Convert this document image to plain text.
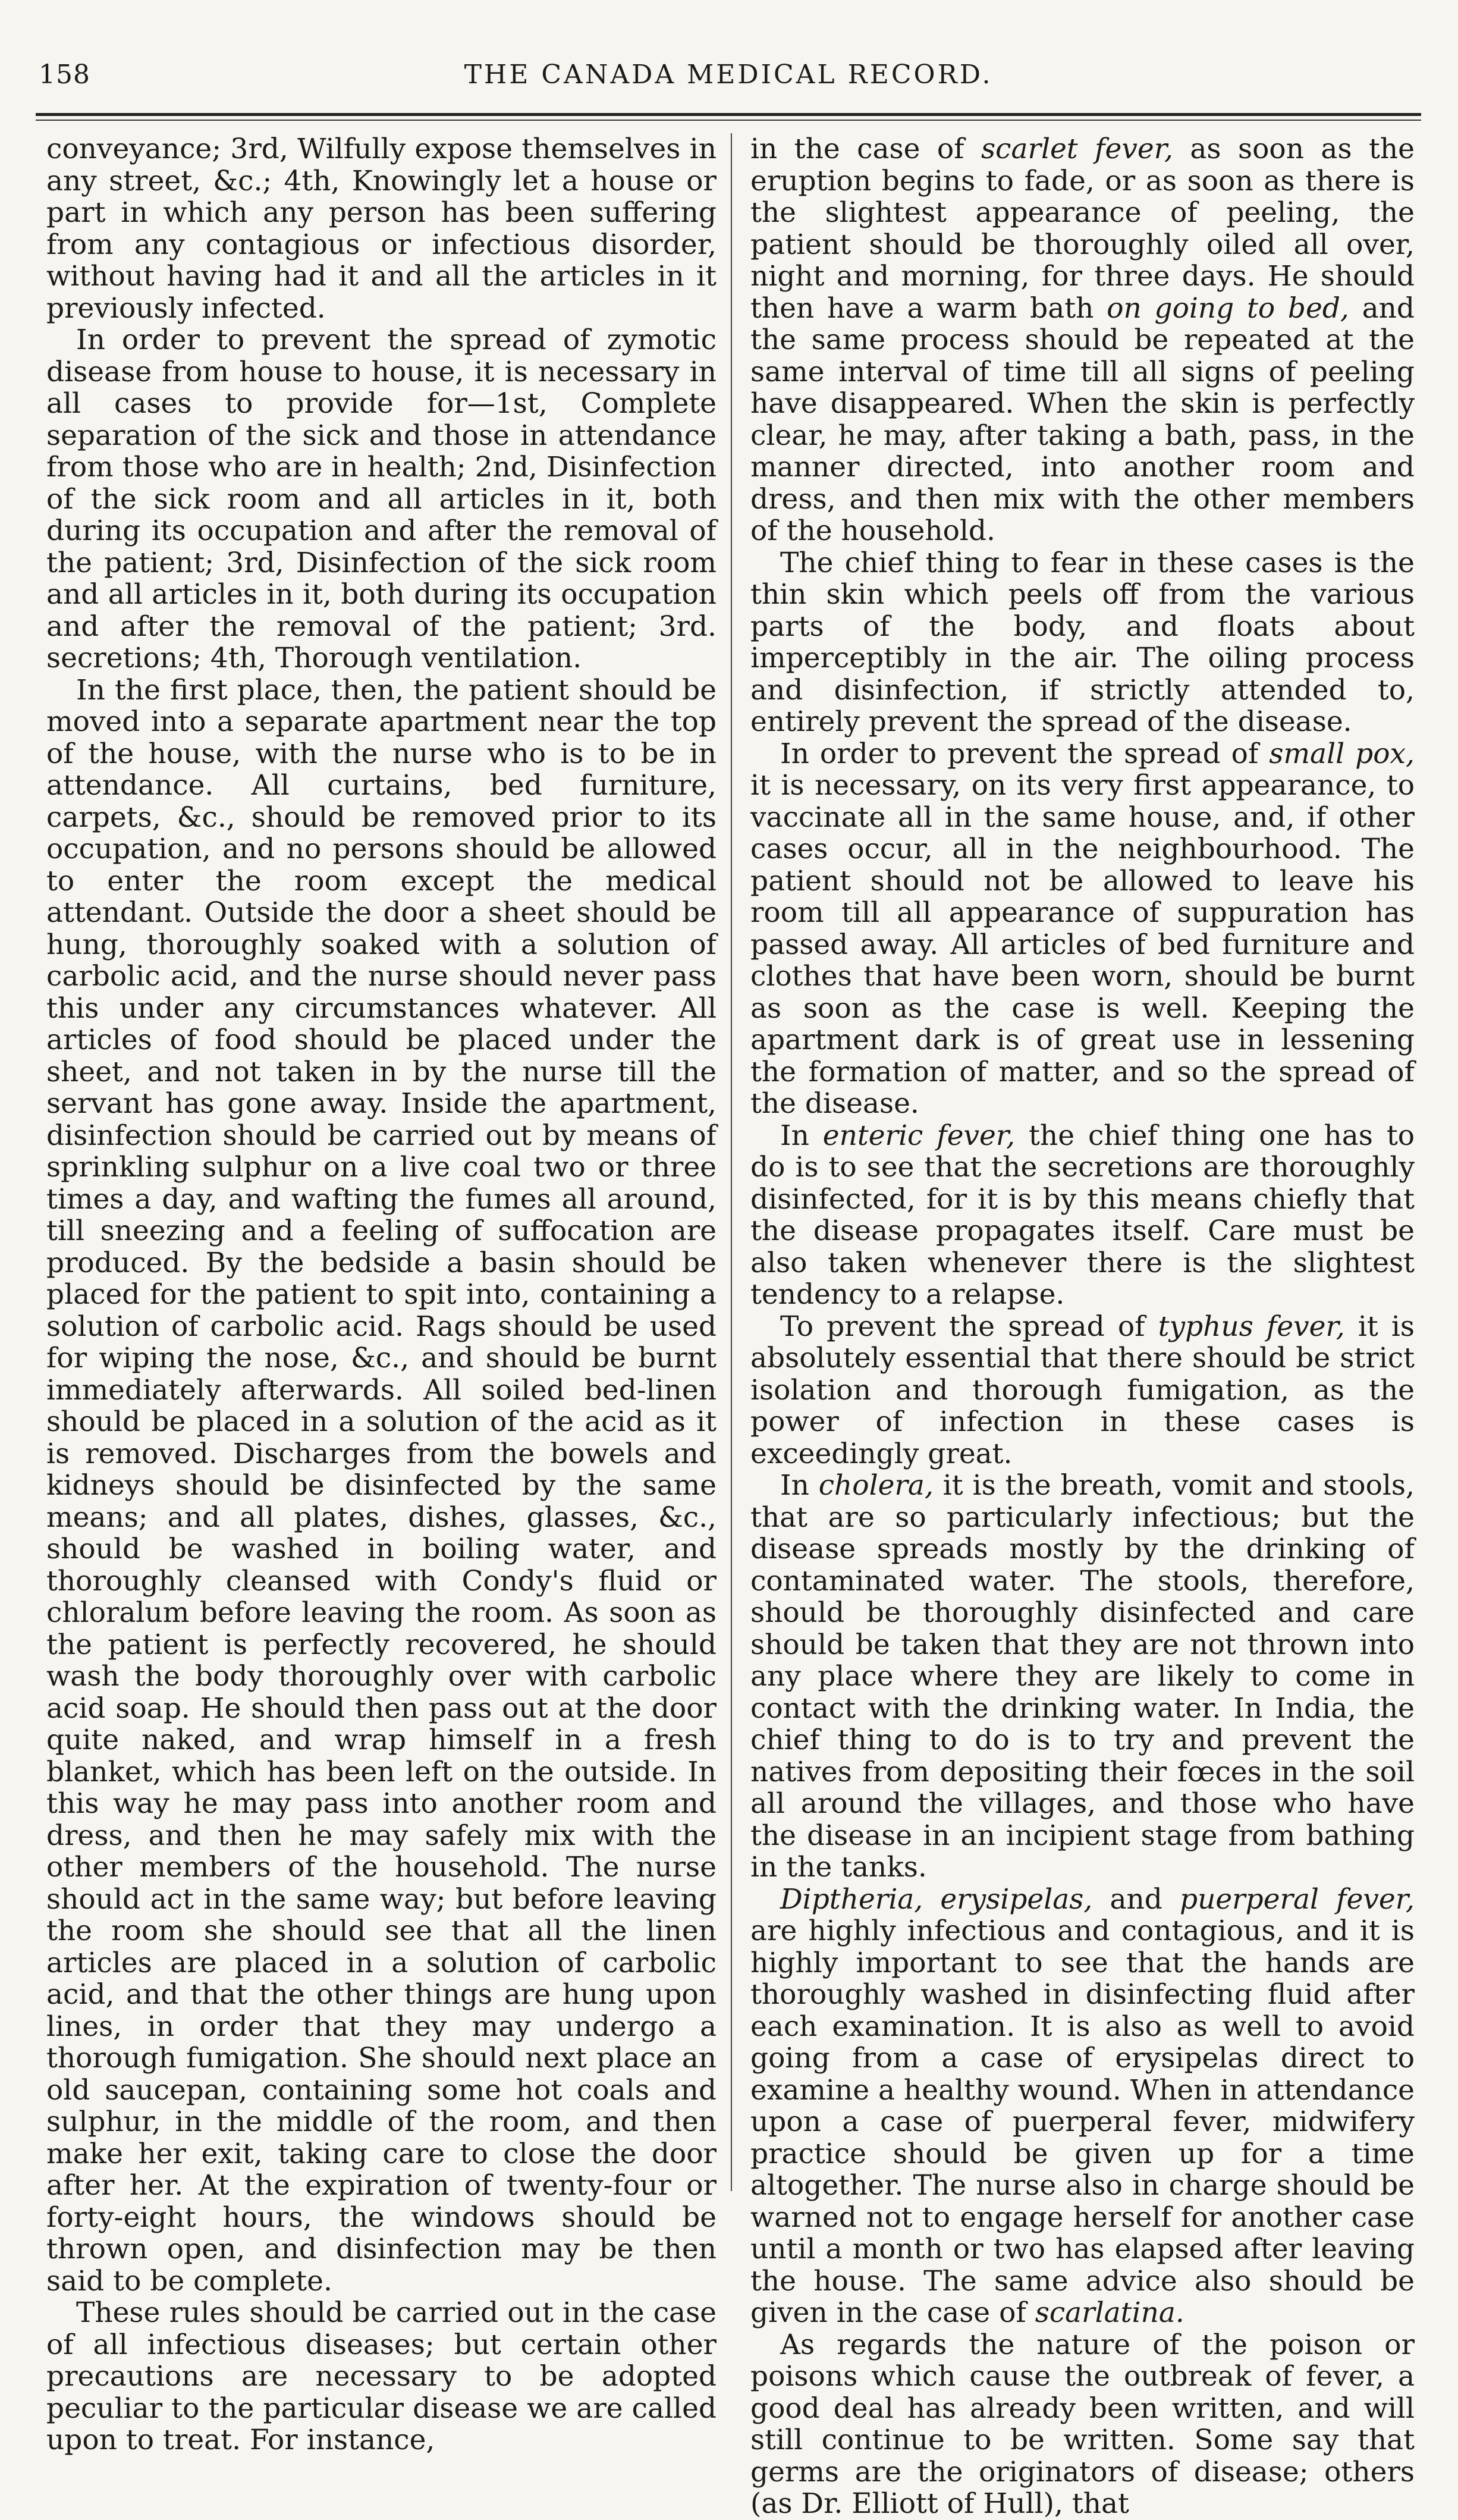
158	THE CANADA MEDICAL RECORD.

conveyance; 3rd, Wilfully expose themselves in any street, &c.; 4th, Knowingly let a house or part in which any person has been suffering from any contagious or infectious disorder, without having had it and all the articles in it previously infected.

In order to prevent the spread of zymotic disease from house to house, it is necessary in all cases to provide for—1st, Complete separation of the sick and those in attendance from those who are in health; 2nd, Disinfection of the sick room and all articles in it, both during its occupation and after the removal of the patient; 3rd, Disinfection of the sick room and all articles in it, both during its occupation and after the removal of the patient; 3rd. secretions; 4th, Thorough ventilation.

In the first place, then, the patient should be moved into a separate apartment near the top of the house, with the nurse who is to be in attendance. All curtains, bed furniture, carpets, &c., should be removed prior to its occupation, and no persons should be allowed to enter the room except the medical attendant. Outside the door a sheet should be hung, thoroughly soaked with a solution of carbolic acid, and the nurse should never pass this under any circumstances whatever. All articles of food should be placed under the sheet, and not taken in by the nurse till the servant has gone away. Inside the apartment, disinfection should be carried out by means of sprinkling sulphur on a live coal two or three times a day, and wafting the fumes all around, till sneezing and a feeling of suffocation are produced. By the bedside a basin should be placed for the patient to spit into, containing a solution of carbolic acid. Rags should be used for wiping the nose, &c., and should be burnt immediately afterwards. All soiled bed-linen should be placed in a solution of the acid as it is removed. Discharges from the bowels and kidneys should be disinfected by the same means; and all plates, dishes, glasses, &c., should be washed in boiling water, and thoroughly cleansed with Condy's fluid or chloralum before leaving the room. As soon as the patient is perfectly recovered, he should wash the body thoroughly over with carbolic acid soap. He should then pass out at the door quite naked, and wrap himself in a fresh blanket, which has been left on the outside. In this way he may pass into another room and dress, and then he may safely mix with the other members of the household. The nurse should act in the same way; but before leaving the room she should see that all the linen articles are placed in a solution of carbolic acid, and that the other things are hung upon lines, in order that they may undergo a thorough fumigation. She should next place an old saucepan, containing some hot coals and sulphur, in the middle of the room, and then make her exit, taking care to close the door after her. At the expiration of twenty-four or forty-eight hours, the windows should be thrown open, and disinfection may be then said to be complete.

These rules should be carried out in the case of all infectious diseases; but certain other precautions are necessary to be adopted peculiar to the particular disease we are called upon to treat. For instance,

in the case of scarlet fever, as soon as the eruption begins to fade, or as soon as there is the slightest appearance of peeling, the patient should be thoroughly oiled all over, night and morning, for three days. He should then have a warm bath on going to bed, and the same process should be repeated at the same interval of time till all signs of peeling have disappeared. When the skin is perfectly clear, he may, after taking a bath, pass, in the manner directed, into another room and dress, and then mix with the other members of the household.

The chief thing to fear in these cases is the thin skin which peels off from the various parts of the body, and floats about imperceptibly in the air. The oiling process and disinfection, if strictly attended to, entirely prevent the spread of the disease.

In order to prevent the spread of small pox, it is necessary, on its very first appearance, to vaccinate all in the same house, and, if other cases occur, all in the neighbourhood. The patient should not be allowed to leave his room till all appearance of suppuration has passed away. All articles of bed furniture and clothes that have been worn, should be burnt as soon as the case is well. Keeping the apartment dark is of great use in lessening the formation of matter, and so the spread of the disease.

In enteric fever, the chief thing one has to do is to see that the secretions are thoroughly disinfected, for it is by this means chiefly that the disease propagates itself. Care must be also taken whenever there is the slightest tendency to a relapse.

To prevent the spread of typhus fever, it is absolutely essential that there should be strict isolation and thorough fumigation, as the power of infection in these cases is exceedingly great.

In cholera, it is the breath, vomit and stools, that are so particularly infectious; but the disease spreads mostly by the drinking of contaminated water. The stools, therefore, should be thoroughly disinfected and care should be taken that they are not thrown into any place where they are likely to come in contact with the drinking water. In India, the chief thing to do is to try and prevent the natives from depositing their fœces in the soil all around the villages, and those who have the disease in an incipient stage from bathing in the tanks.

Diptheria, erysipelas, and puerperal fever, are highly infectious and contagious, and it is highly important to see that the hands are thoroughly washed in disinfecting fluid after each examination. It is also as well to avoid going from a case of erysipelas direct to examine a healthy wound. When in attendance upon a case of puerperal fever, midwifery practice should be given up for a time altogether. The nurse also in charge should be warned not to engage herself for another case until a month or two has elapsed after leaving the house. The same advice also should be given in the case of scarlatina.

As regards the nature of the poison or poisons which cause the outbreak of fever, a good deal has already been written, and will still continue to be written. Some say that germs are the originators of disease; others (as Dr. Elliott of Hull), that
